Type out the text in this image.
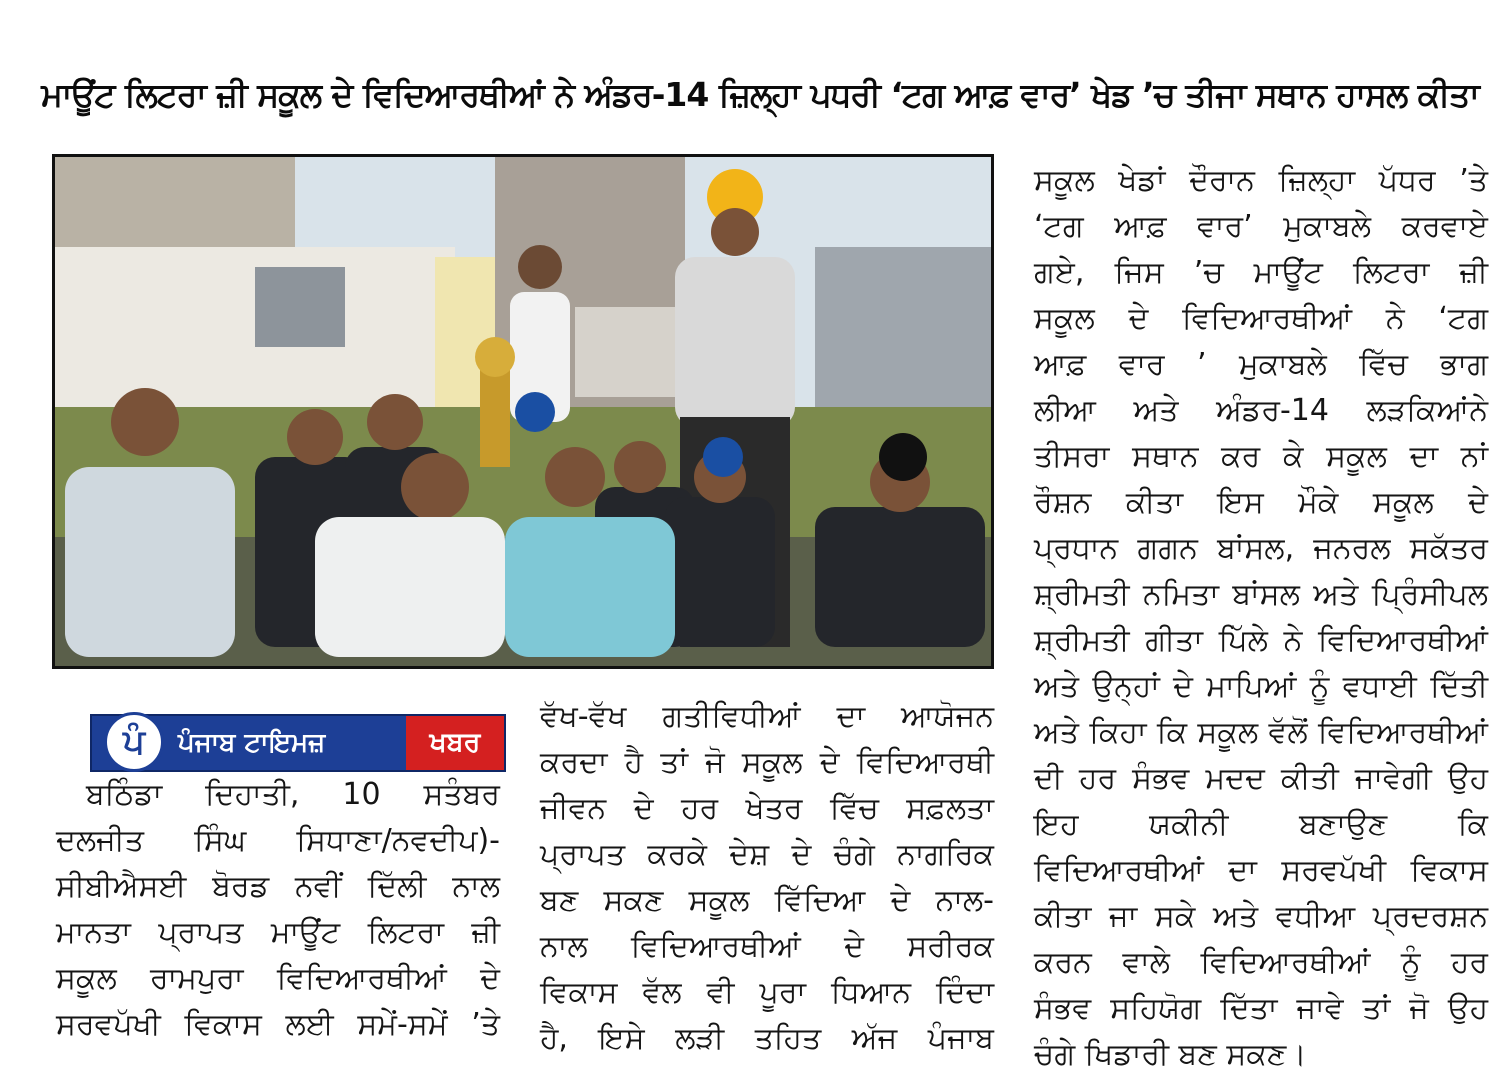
ਮਾਊਂਟ ਲਿਟਰਾ ਜ਼ੀ ਸਕੂਲ ਦੇ ਵਿਦਿਆਰਥੀਆਂ ਨੇ ਅੰਡਰ-14 ਜ਼ਿਲ੍ਹਾ ਪਧਰੀ ‘ਟਗ ਆਫ਼ ਵਾਰ’ ਖੇਡ ’ਚ ਤੀਜਾ ਸਥਾਨ ਹਾਸਲ ਕੀਤਾ
ਪੰ	ਪੰਜਾਬ ਟਾਇਮਜ਼	ਖਬਰ
ਬਠਿੰਡਾ ਦਿਹਾਤੀ, 10 ਸਤੰਬਰ
ਦਲਜੀਤ ਸਿੰਘ ਸਿਧਾਣਾ/ਨਵਦੀਪ)-
ਸੀਬੀਐਸਈ ਬੋਰਡ ਨਵੀਂ ਦਿੱਲੀ ਨਾਲ
ਮਾਨਤਾ ਪ੍ਰਾਪਤ ਮਾਊਂਟ ਲਿਟਰਾ ਜ਼ੀ
ਸਕੂਲ ਰਾਮਪੁਰਾ ਵਿਦਿਆਰਥੀਆਂ ਦੇ
ਸਰਵਪੱਖੀ ਵਿਕਾਸ ਲਈ ਸਮੇਂ-ਸਮੇਂ ’ਤੇ
ਵੱਖ-ਵੱਖ ਗਤੀਵਿਧੀਆਂ ਦਾ ਆਯੋਜਨ
ਕਰਦਾ ਹੈ ਤਾਂ ਜੋ ਸਕੂਲ ਦੇ ਵਿਦਿਆਰਥੀ
ਜੀਵਨ ਦੇ ਹਰ ਖੇਤਰ ਵਿੱਚ ਸਫ਼ਲਤਾ
ਪ੍ਰਾਪਤ ਕਰਕੇ ਦੇਸ਼ ਦੇ ਚੰਗੇ ਨਾਗਰਿਕ
ਬਣ ਸਕਣ ਸਕੂਲ ਵਿੱਦਿਆ ਦੇ ਨਾਲ-
ਨਾਲ ਵਿਦਿਆਰਥੀਆਂ ਦੇ ਸਰੀਰਕ
ਵਿਕਾਸ ਵੱਲ ਵੀ ਪੂਰਾ ਧਿਆਨ ਦਿੰਦਾ
ਹੈ, ਇਸੇ ਲੜੀ ਤਹਿਤ ਅੱਜ ਪੰਜਾਬ
ਸਕੂਲ ਖੇਡਾਂ ਦੌਰਾਨ ਜ਼ਿਲ੍ਹਾ ਪੱਧਰ ’ਤੇ
‘ਟਗ ਆਫ਼ ਵਾਰ’ ਮੁਕਾਬਲੇ ਕਰਵਾਏ
ਗਏ, ਜਿਸ ’ਚ ਮਾਊਂਟ ਲਿਟਰਾ ਜ਼ੀ
ਸਕੂਲ ਦੇ ਵਿਦਿਆਰਥੀਆਂ ਨੇ ‘ਟਗ
ਆਫ਼ ਵਾਰ ’ ਮੁਕਾਬਲੇ ਵਿੱਚ ਭਾਗ
ਲੀਆ ਅਤੇ ਅੰਡਰ-14 ਲੜਕਿਆਂਨੇ
ਤੀਸਰਾ ਸਥਾਨ ਕਰ ਕੇ ਸਕੂਲ ਦਾ ਨਾਂ
ਰੌਸ਼ਨ ਕੀਤਾ ਇਸ ਮੌਕੇ ਸਕੂਲ ਦੇ
ਪ੍ਰਧਾਨ ਗਗਨ ਬਾਂਸਲ, ਜਨਰਲ ਸਕੱਤਰ
ਸ਼੍ਰੀਮਤੀ ਨਮਿਤਾ ਬਾਂਸਲ ਅਤੇ ਪ੍ਰਿੰਸੀਪਲ
ਸ਼੍ਰੀਮਤੀ ਗੀਤਾ ਪਿੱਲੇ ਨੇ ਵਿਦਿਆਰਥੀਆਂ
ਅਤੇ ਉਨ੍ਹਾਂ ਦੇ ਮਾਪਿਆਂ ਨੂੰ ਵਧਾਈ ਦਿੱਤੀ
ਅਤੇ ਕਿਹਾ ਕਿ ਸਕੂਲ ਵੱਲੋਂ ਵਿਦਿਆਰਥੀਆਂ
ਦੀ ਹਰ ਸੰਭਵ ਮਦਦ ਕੀਤੀ ਜਾਵੇਗੀ ਉਹ
ਇਹ ਯਕੀਨੀ ਬਣਾਉਣ ਕਿ
ਵਿਦਿਆਰਥੀਆਂ ਦਾ ਸਰਵਪੱਖੀ ਵਿਕਾਸ
ਕੀਤਾ ਜਾ ਸਕੇ ਅਤੇ ਵਧੀਆ ਪ੍ਰਦਰਸ਼ਨ
ਕਰਨ ਵਾਲੇ ਵਿਦਿਆਰਥੀਆਂ ਨੂੰ ਹਰ
ਸੰਭਵ ਸਹਿਯੋਗ ਦਿੱਤਾ ਜਾਵੇ ਤਾਂ ਜੋ ਉਹ
ਚੰਗੇ ਖਿਡਾਰੀ ਬਣ ਸਕਣ।
